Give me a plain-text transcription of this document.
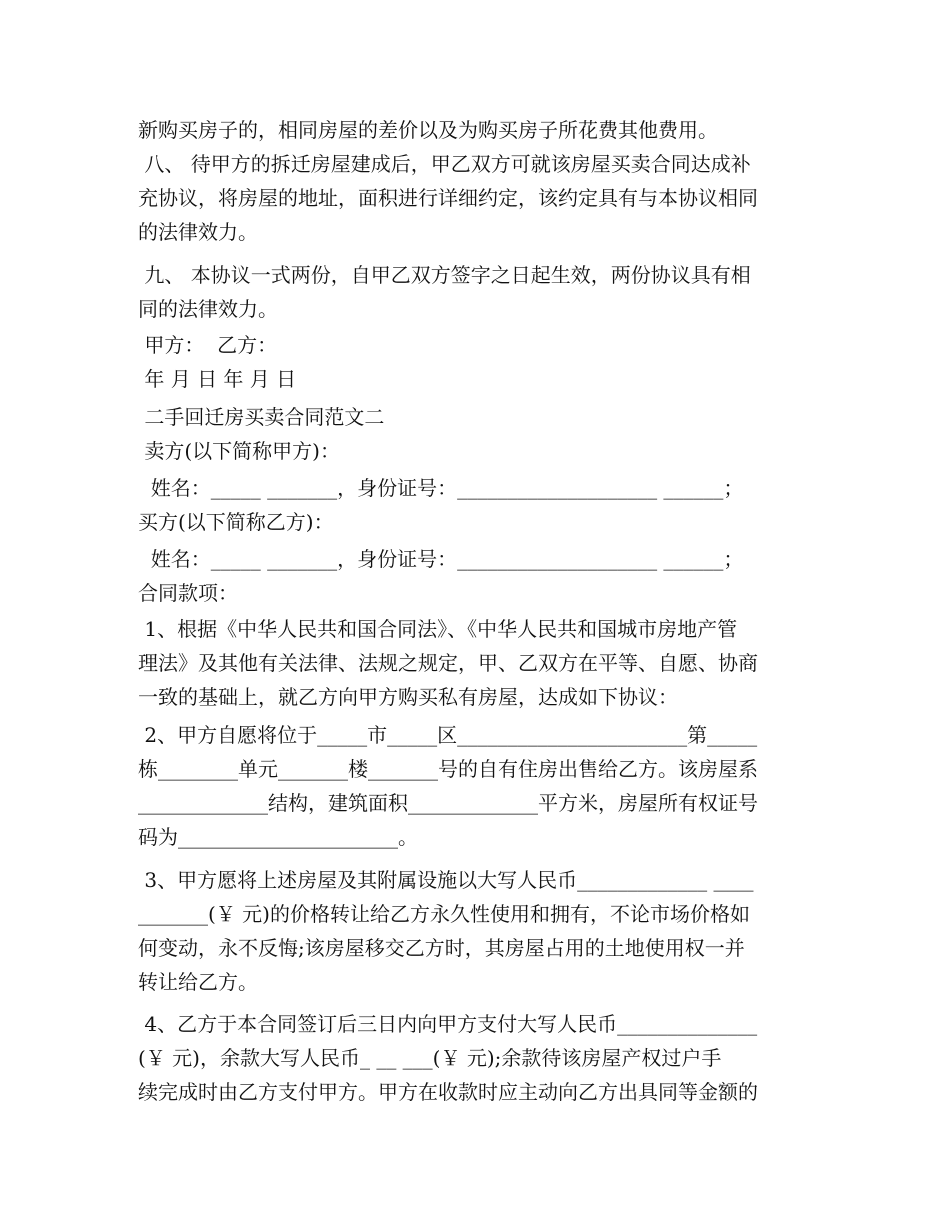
新购买房子的，相同房屋的差价以及为购买房子所花费其他费用。
八、 待甲方的拆迁房屋建成后，甲乙双方可就该房屋买卖合同达成补
充协议，将房屋的地址，面积进行详细约定，该约定具有与本协议相同
的法律效力。
九、 本协议一式两份，自甲乙双方签字之日起生效，两份协议具有相
同的法律效力。
甲方：  乙方：
年 月 日 年 月 日
二手回迁房买卖合同范文二
卖方(以下简称甲方)：
姓名：_____ _______，身份证号：____________________ ______；
买方(以下简称乙方)：
姓名：_____ _______，身份证号：____________________ ______；
合同款项：
1、根据《中华人民共和国合同法》、《中华人民共和国城市房地产管
理法》及其他有关法律、法规之规定，甲、乙双方在平等、自愿、协商
一致的基础上，就乙方向甲方购买私有房屋，达成如下协议：
2、甲方自愿将位于_____市_____区_______________________第_____
栋________单元_______楼_______号的自有住房出售给乙方。该房屋系
_____________结构，建筑面积_____________平方米，房屋所有权证号
码为______________________。
3、甲方愿将上述房屋及其附属设施以大写人民币_____________ ____
_______(￥ 元)的价格转让给乙方永久性使用和拥有，不论市场价格如
何变动，永不反悔;该房屋移交乙方时，其房屋占用的土地使用权一并
转让给乙方。
4、乙方于本合同签订后三日内向甲方支付大写人民币______________
(￥ 元)，余款大写人民币_ __ ___(￥ 元);余款待该房屋产权过户手
续完成时由乙方支付甲方。甲方在收款时应主动向乙方出具同等金额的
